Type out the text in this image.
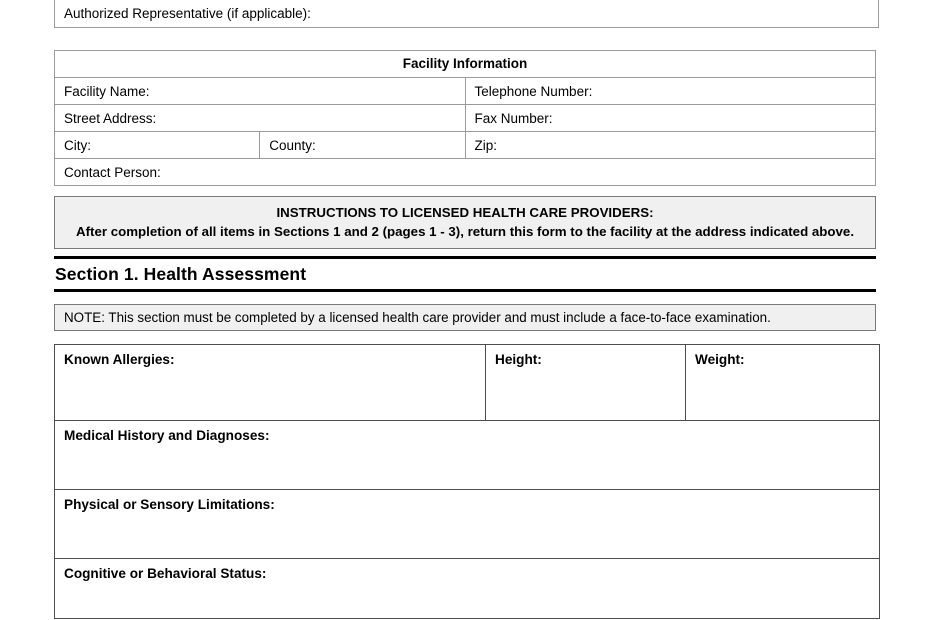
Authorized Representative (if applicable):
Facility Information		

Facility Name:		Telephone Number:

Street Address:		Fax Number:

City:	County:	Zip:

Contact Person:		
INSTRUCTIONS TO LICENSED HEALTH CARE PROVIDERS:
After completion of all items in Sections 1 and 2 (pages 1 - 3), return this form to the facility at the address indicated above.
Section 1. Health Assessment
NOTE: This section must be completed by a licensed health care provider and must include a face-to-face examination.
Known Allergies:	Height:	Weight:

Medical History and Diagnoses:

Physical or Sensory Limitations:

Cognitive or Behavioral Status:
